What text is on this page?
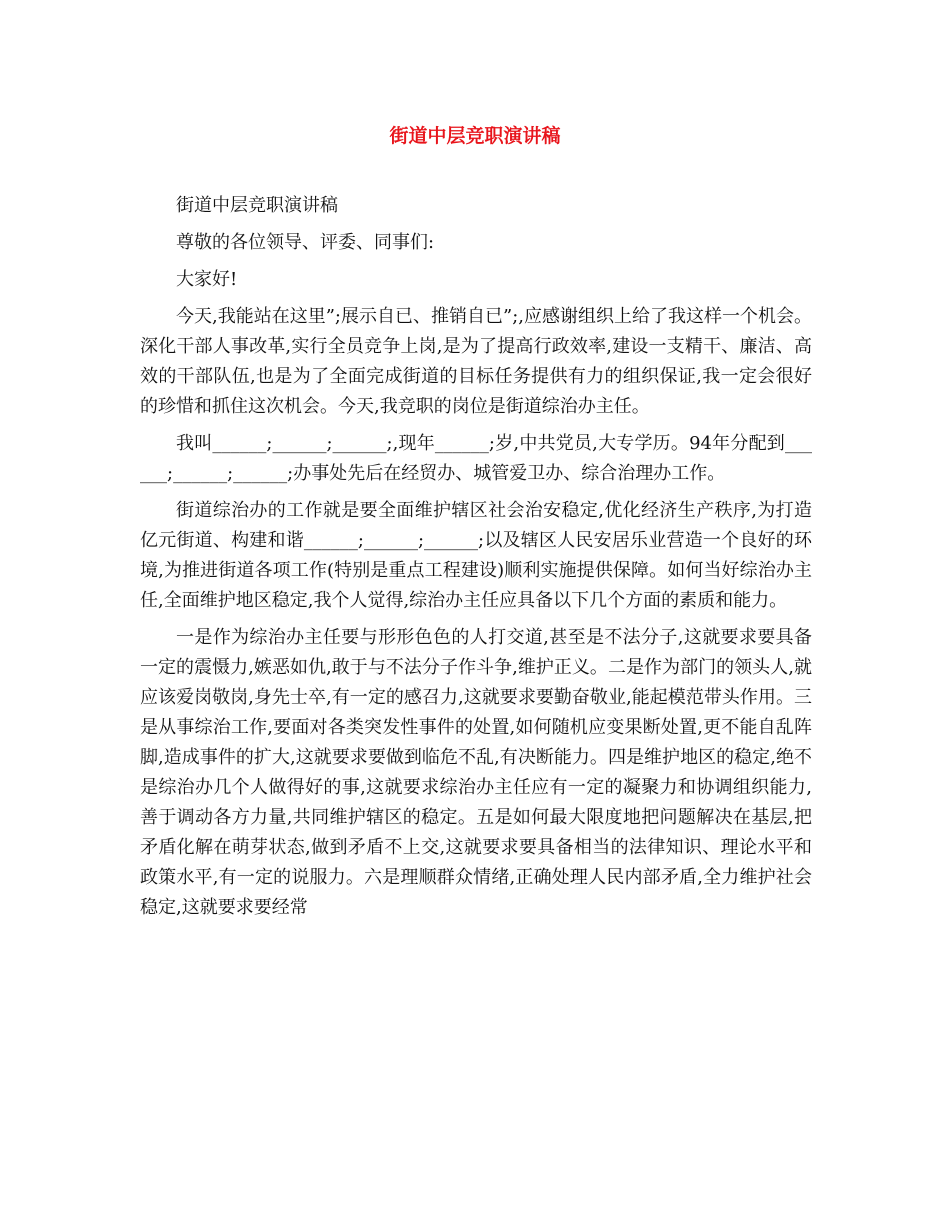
街道中层竞职演讲稿

街道中层竞职演讲稿

尊敬的各位领导、评委、同事们:

大家好!

今天,我能站在这里”;展示自已、推销自已”;,应感谢组织上给了我这样一个机会。深化干部人事改革,实行全员竞争上岗,是为了提高行政效率,建设一支精干、廉洁、高效的干部队伍,也是为了全面完成街道的目标任务提供有力的组织保证,我一定会很好的珍惜和抓住这次机会。今天,我竞职的岗位是街道综治办主任。

我叫______;______;______;,现年______;岁,中共党员,大专学历。94年分配到______;______;______;办事处先后在经贸办、城管爱卫办、综合治理办工作。

街道综治办的工作就是要全面维护辖区社会治安稳定,优化经济生产秩序,为打造亿元街道、构建和谐______;______;______;以及辖区人民安居乐业营造一个良好的环境,为推进街道各项工作(特别是重点工程建设)顺利实施提供保障。如何当好综治办主任,全面维护地区稳定,我个人觉得,综治办主任应具备以下几个方面的素质和能力。

一是作为综治办主任要与形形色色的人打交道,甚至是不法分子,这就要求要具备一定的震慑力,嫉恶如仇,敢于与不法分子作斗争,维护正义。二是作为部门的领头人,就应该爱岗敬岗,身先士卒,有一定的感召力,这就要求要勤奋敬业,能起模范带头作用。三是从事综治工作,要面对各类突发性事件的处置,如何随机应变果断处置,更不能自乱阵脚,造成事件的扩大,这就要求要做到临危不乱,有决断能力。四是维护地区的稳定,绝不是综治办几个人做得好的事,这就要求综治办主任应有一定的凝聚力和协调组织能力,善于调动各方力量,共同维护辖区的稳定。五是如何最大限度地把问题解决在基层,把矛盾化解在萌芽状态,做到矛盾不上交,这就要求要具备相当的法律知识、理论水平和政策水平,有一定的说服力。六是理顺群众情绪,正确处理人民内部矛盾,全力维护社会稳定,这就要求要经常
